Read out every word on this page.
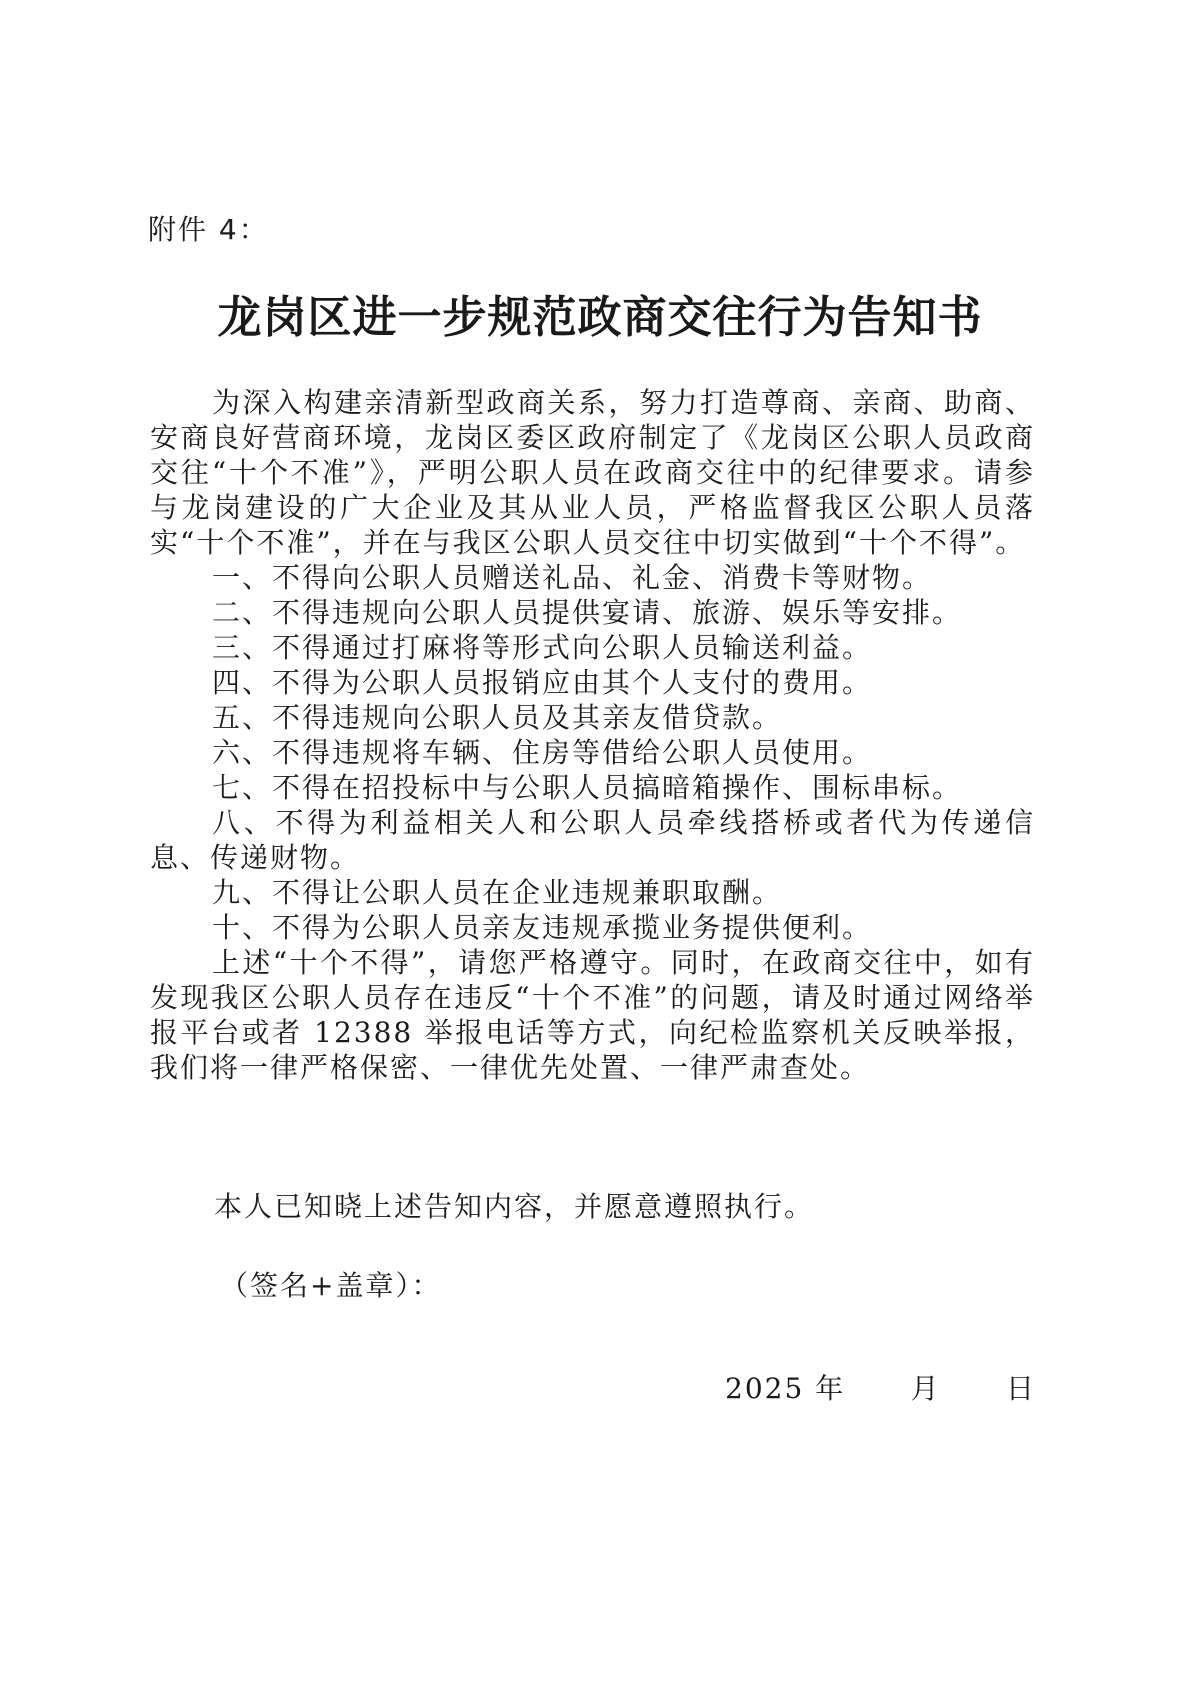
附件 4：
龙岗区进一步规范政商交往行为告知书

为深入构建亲清新型政商关系，努力打造尊商、亲商、助商、安商良好营商环境，龙岗区委区政府制定了《龙岗区公职人员政商交往“十个不准”》，严明公职人员在政商交往中的纪律要求。请参与龙岗建设的广大企业及其从业人员，严格监督我区公职人员落实“十个不准”，并在与我区公职人员交往中切实做到“十个不得”。

一、不得向公职人员赠送礼品、礼金、消费卡等财物。

二、不得违规向公职人员提供宴请、旅游、娱乐等安排。

三、不得通过打麻将等形式向公职人员输送利益。

四、不得为公职人员报销应由其个人支付的费用。

五、不得违规向公职人员及其亲友借贷款。

六、不得违规将车辆、住房等借给公职人员使用。

七、不得在招投标中与公职人员搞暗箱操作、围标串标。

八、不得为利益相关人和公职人员牵线搭桥或者代为传递信息、传递财物。

九、不得让公职人员在企业违规兼职取酬。

十、不得为公职人员亲友违规承揽业务提供便利。

上述“十个不得”，请您严格遵守。同时，在政商交往中，如有发现我区公职人员存在违反“十个不准”的问题，请及时通过网络举报平台或者 12388 举报电话等方式，向纪检监察机关反映举报，我们将一律严格保密、一律优先处置、一律严肃查处。

本人已知晓上述告知内容，并愿意遵照执行。
（签名+盖章）：
2025 年      月      日
